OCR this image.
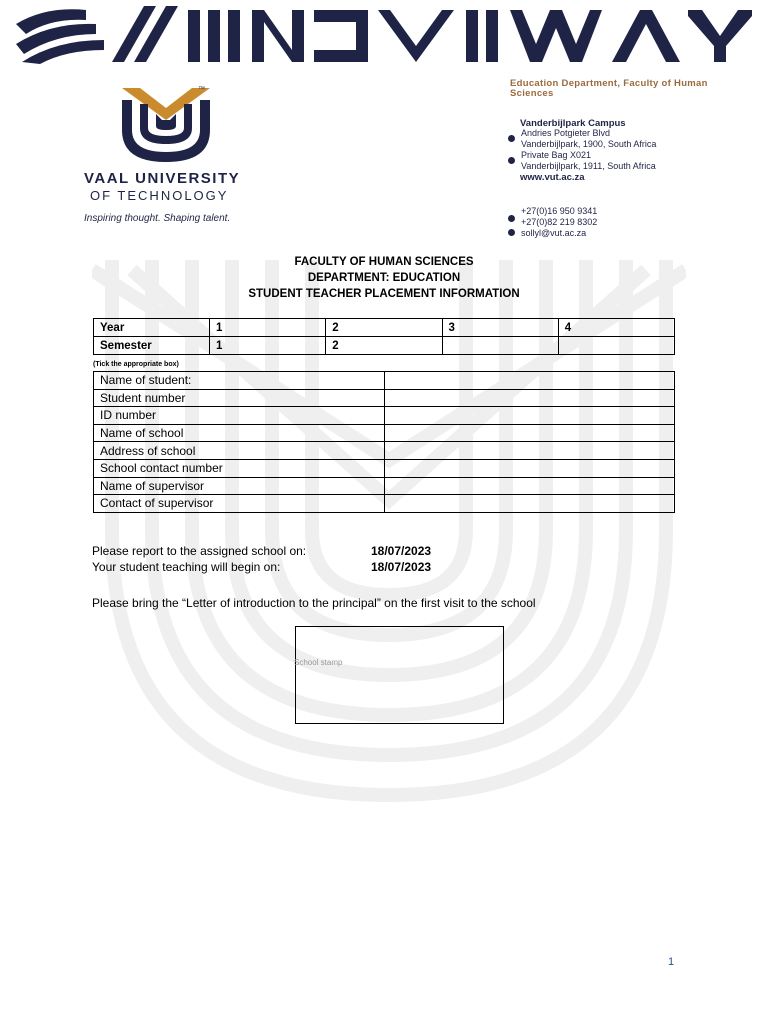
™
VAAL UNIVERSITY
OF TECHNOLOGY
Inspiring thought. Shaping talent.
Education Department, Faculty of Human Sciences
Vanderbijlpark Campus
Andries Potgieter Blvd
Vanderbijlpark, 1900, South Africa
Private Bag X021
Vanderbijlpark, 1911, South Africa
www.vut.ac.za
+27(0)16 950 9341
+27(0)82 219 8302
sollyl@vut.ac.za
FACULTY OF HUMAN SCIENCES
DEPARTMENT: EDUCATION
STUDENT TEACHER PLACEMENT INFORMATION
Year	1	2	3	4
Semester	1	2		
(Tick the appropriate box)
Name of student:	
Student number	
ID number	
Name of school	
Address of school	
School contact number	
Name of supervisor	
Contact of supervisor	
Please report to the assigned school on:	18/07/2023
Your student teaching will begin on:	18/07/2023
Please bring the “Letter of introduction to the principal” on the first visit to the school
School stamp
1
